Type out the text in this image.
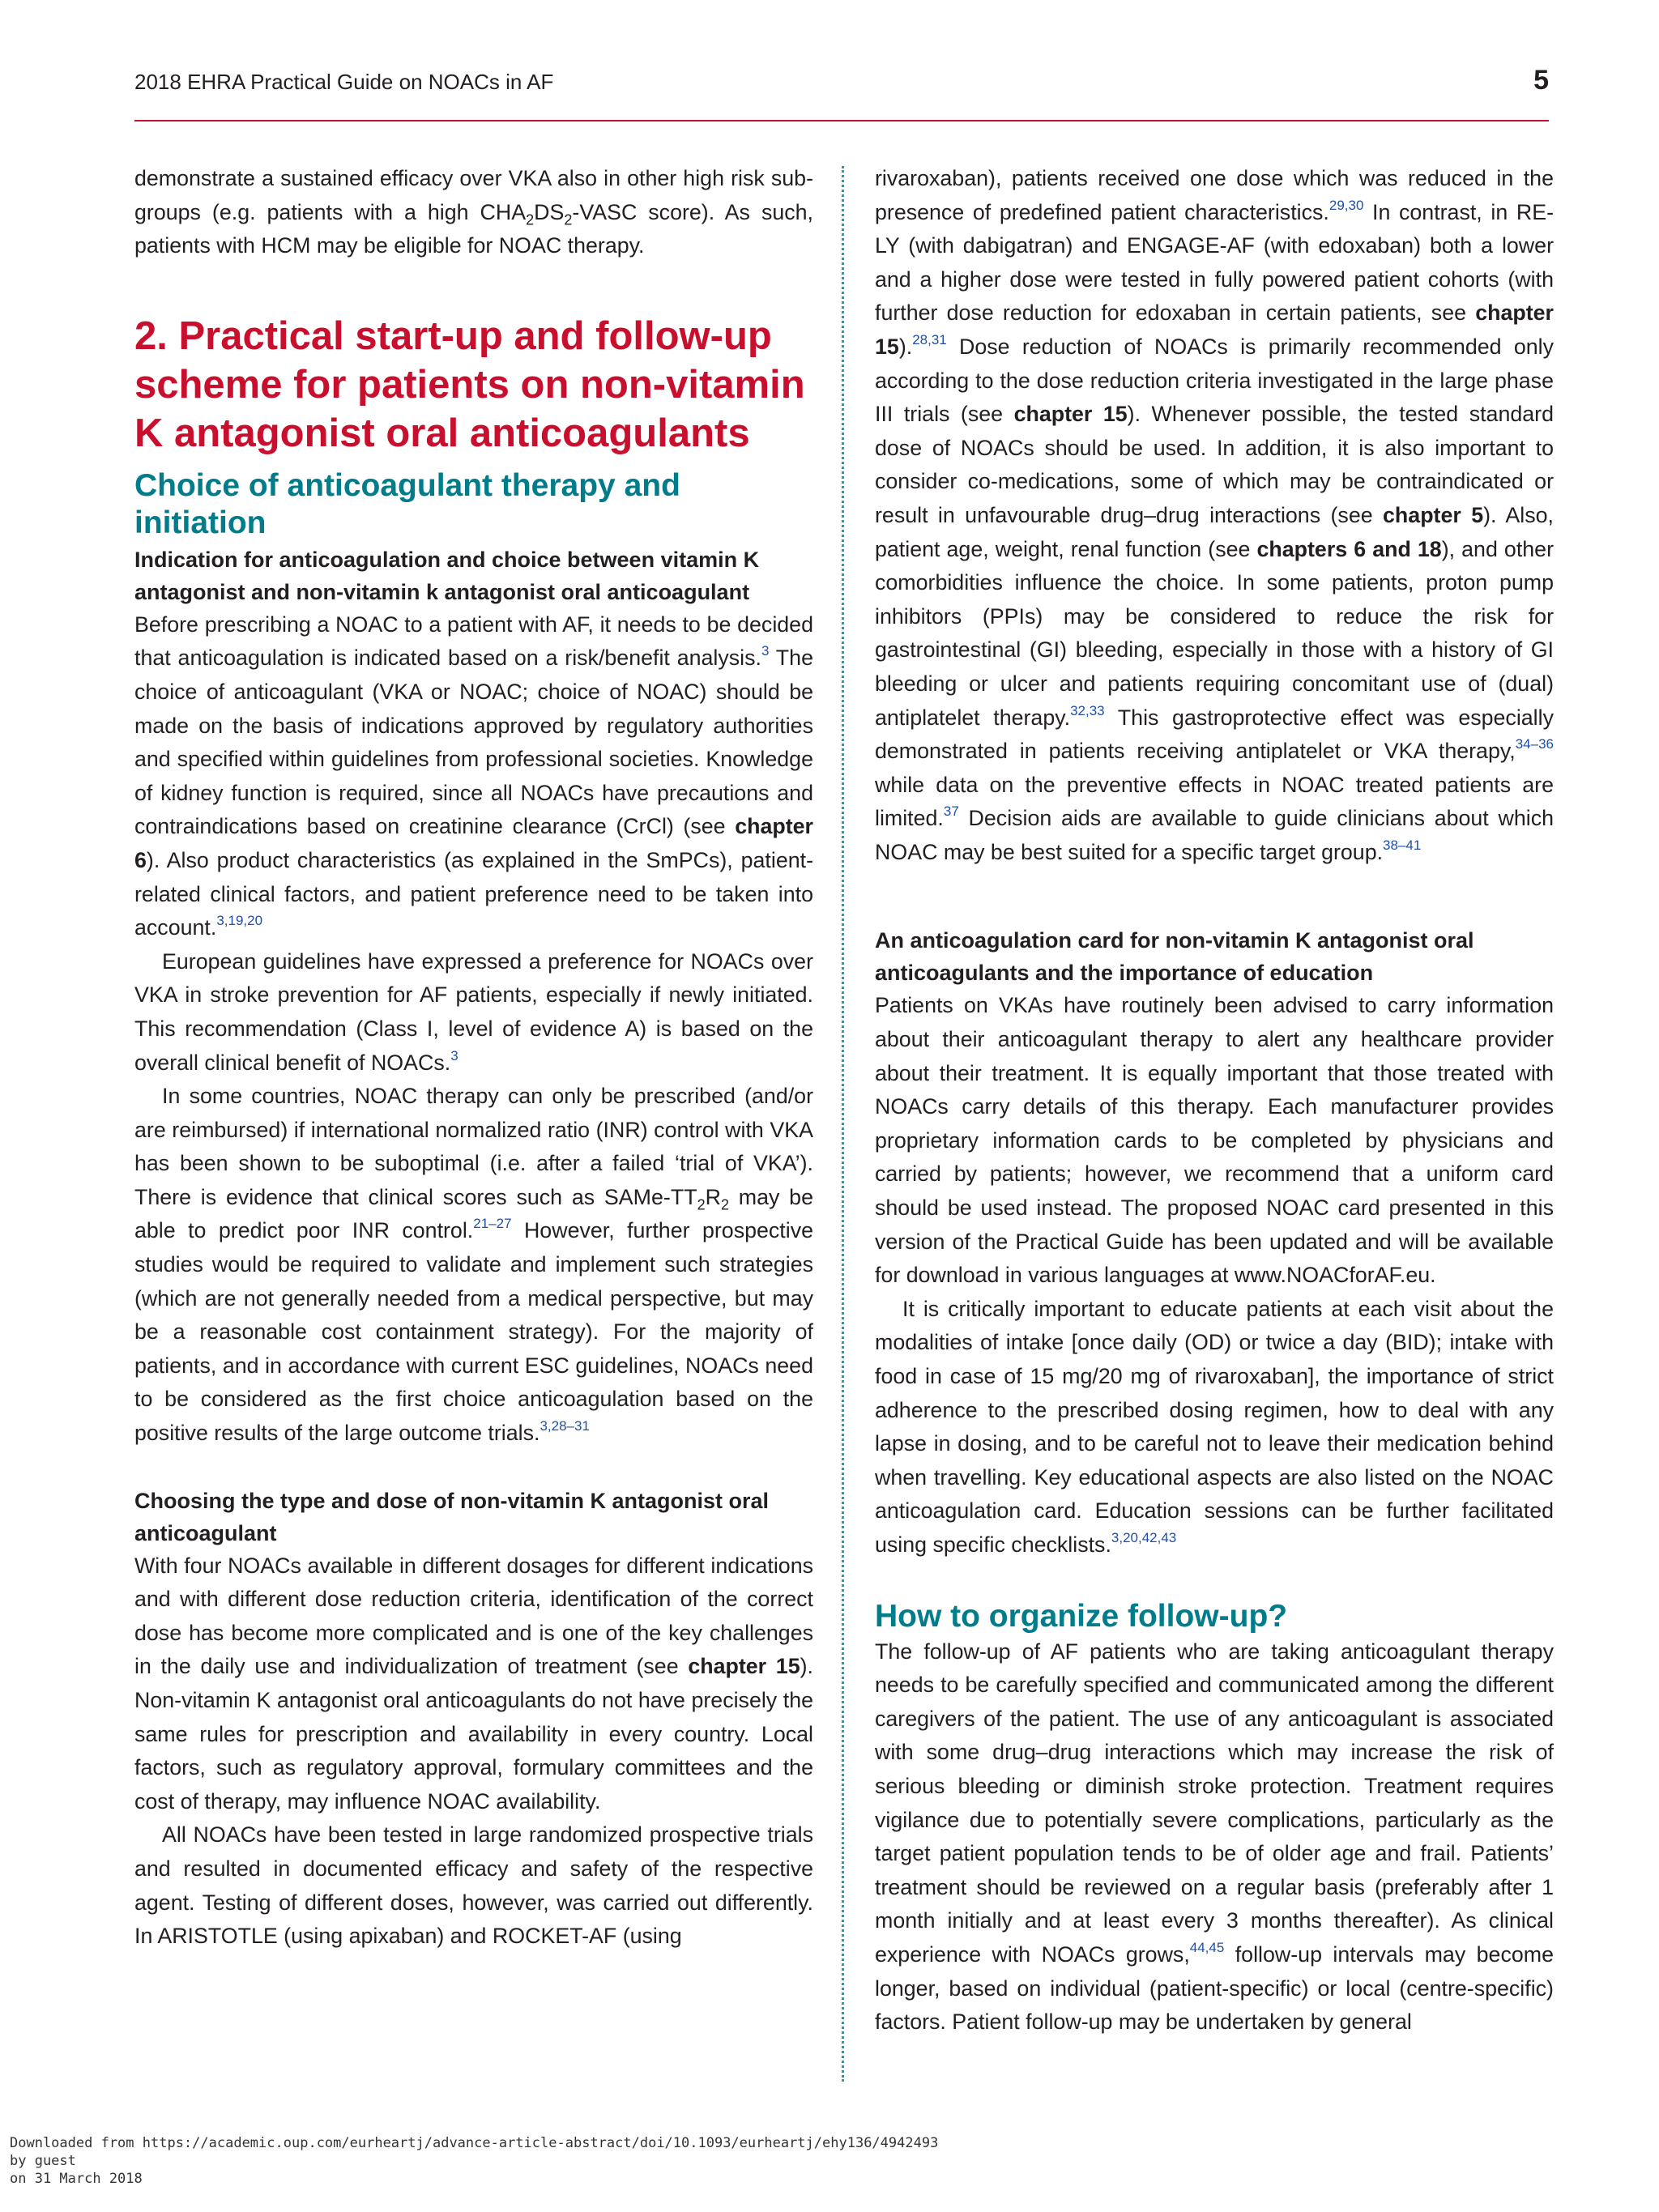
2018 EHRA Practical Guide on NOACs in AF	5

demonstrate a sustained efficacy over VKA also in other high risk sub-groups (e.g. patients with a high $CHA_2DS_2$-VASC score). As such, patients with HCM may be eligible for NOAC therapy.

2. Practical start-up and follow-up scheme for patients on non-vitamin K antagonist oral anticoagulants
Choice of anticoagulant therapy and initiation
Indication for anticoagulation and choice between vitamin K antagonist and non-vitamin k antagonist oral anticoagulant

Before prescribing a NOAC to a patient with AF, it needs to be decided that anticoagulation is indicated based on a risk/benefit analysis.$^3$ The choice of anticoagulant (VKA or NOAC; choice of NOAC) should be made on the basis of indications approved by regulatory authorities and specified within guidelines from professional societies. Knowledge of kidney function is required, since all NOACs have precautions and contraindications based on creatinine clearance (CrCl) (see chapter 6). Also product characteristics (as explained in the SmPCs), patient-related clinical factors, and patient preference need to be taken into account.$^{3,19,20}$

European guidelines have expressed a preference for NOACs over VKA in stroke prevention for AF patients, especially if newly initiated. This recommendation (Class I, level of evidence A) is based on the overall clinical benefit of NOACs.$^3$

In some countries, NOAC therapy can only be prescribed (and/or are reimbursed) if international normalized ratio (INR) control with VKA has been shown to be suboptimal (i.e. after a failed ‘trial of VKA’). There is evidence that clinical scores such as SAMe-$TT_2R_2$ may be able to predict poor INR control.$^{21-27}$ However, further prospective studies would be required to validate and implement such strategies (which are not generally needed from a medical perspective, but may be a reasonable cost containment strategy). For the majority of patients, and in accordance with current ESC guidelines, NOACs need to be considered as the first choice anticoagulation based on the positive results of the large outcome trials.$^{3,28-31}$

Choosing the type and dose of non-vitamin K antagonist oral anticoagulant

With four NOACs available in different dosages for different indications and with different dose reduction criteria, identification of the correct dose has become more complicated and is one of the key challenges in the daily use and individualization of treatment (see chapter 15). Non-vitamin K antagonist oral anticoagulants do not have precisely the same rules for prescription and availability in every country. Local factors, such as regulatory approval, formulary committees and the cost of therapy, may influence NOAC availability.

All NOACs have been tested in large randomized prospective trials and resulted in documented efficacy and safety of the respective agent. Testing of different doses, however, was carried out differently. In ARISTOTLE (using apixaban) and ROCKET-AF (using

rivaroxaban), patients received one dose which was reduced in the presence of predefined patient characteristics.$^{29,30}$ In contrast, in RE-LY (with dabigatran) and ENGAGE-AF (with edoxaban) both a lower and a higher dose were tested in fully powered patient cohorts (with further dose reduction for edoxaban in certain patients, see chapter 15).$^{28,31}$ Dose reduction of NOACs is primarily recommended only according to the dose reduction criteria investigated in the large phase III trials (see chapter 15). Whenever possible, the tested standard dose of NOACs should be used. In addition, it is also important to consider co-medications, some of which may be contraindicated or result in unfavourable drug–drug interactions (see chapter 5). Also, patient age, weight, renal function (see chapters 6 and 18), and other comorbidities influence the choice. In some patients, proton pump inhibitors (PPIs) may be considered to reduce the risk for gastrointestinal (GI) bleeding, especially in those with a history of GI bleeding or ulcer and patients requiring concomitant use of (dual) antiplatelet therapy.$^{32,33}$ This gastroprotective effect was especially demonstrated in patients receiving antiplatelet or VKA therapy,$^{34-36}$ while data on the preventive effects in NOAC treated patients are limited.$^{37}$ Decision aids are available to guide clinicians about which NOAC may be best suited for a specific target group.$^{38-41}$

An anticoagulation card for non-vitamin K antagonist oral anticoagulants and the importance of education

Patients on VKAs have routinely been advised to carry information about their anticoagulant therapy to alert any healthcare provider about their treatment. It is equally important that those treated with NOACs carry details of this therapy. Each manufacturer provides proprietary information cards to be completed by physicians and carried by patients; however, we recommend that a uniform card should be used instead. The proposed NOAC card presented in this version of the Practical Guide has been updated and will be available for download in various languages at www.NOACforAF.eu.

It is critically important to educate patients at each visit about the modalities of intake [once daily (OD) or twice a day (BID); intake with food in case of 15 mg/20 mg of rivaroxaban], the importance of strict adherence to the prescribed dosing regimen, how to deal with any lapse in dosing, and to be careful not to leave their medication behind when travelling. Key educational aspects are also listed on the NOAC anticoagulation card. Education sessions can be further facilitated using specific checklists.$^{3,20,42,43}$

How to organize follow-up?

The follow-up of AF patients who are taking anticoagulant therapy needs to be carefully specified and communicated among the different caregivers of the patient. The use of any anticoagulant is associated with some drug–drug interactions which may increase the risk of serious bleeding or diminish stroke protection. Treatment requires vigilance due to potentially severe complications, particularly as the target patient population tends to be of older age and frail. Patients’ treatment should be reviewed on a regular basis (preferably after 1 month initially and at least every 3 months thereafter). As clinical experience with NOACs grows,$^{44,45}$ follow-up intervals may become longer, based on individual (patient-specific) or local (centre-specific) factors. Patient follow-up may be undertaken by general

Downloaded from https://academic.oup.com/eurheartj/advance-article-abstract/doi/10.1093/eurheartj/ehy136/4942493
by guest
on 31 March 2018
